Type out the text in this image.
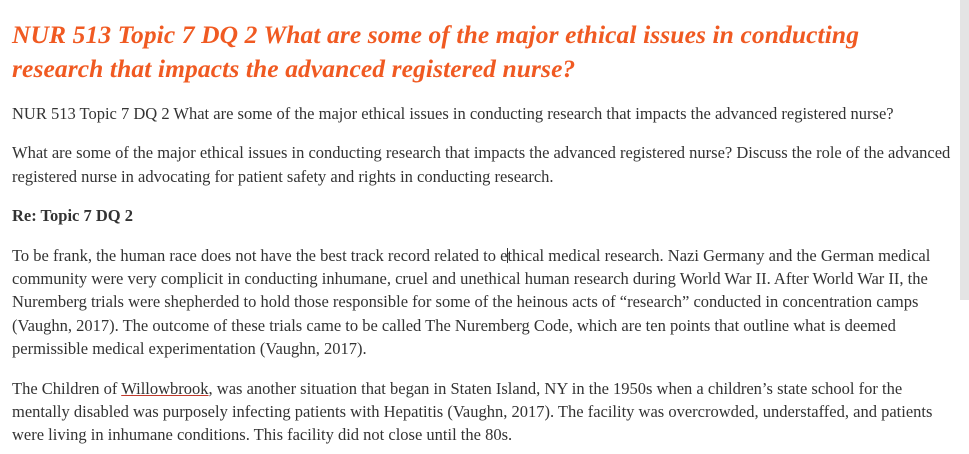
NUR 513 Topic 7 DQ 2 What are some of the major ethical issues in conducting research that impacts the advanced registered nurse?

NUR 513 Topic 7 DQ 2 What are some of the major ethical issues in conducting research that impacts the advanced registered nurse?

What are some of the major ethical issues in conducting research that impacts the advanced registered nurse? Discuss the role of the advanced registered nurse in advocating for patient safety and rights in conducting research.

Re: Topic 7 DQ 2

To be frank, the human race does not have the best track record related to ethical medical research. Nazi Germany and the German medical community were very complicit in conducting inhumane, cruel and unethical human research during World War II. After World War II, the Nuremberg trials were shepherded to hold those responsible for some of the heinous acts of “research” conducted in concentration camps (Vaughn, 2017). The outcome of these trials came to be called The Nuremberg Code, which are ten points that outline what is deemed permissible medical experimentation (Vaughn, 2017).

The Children of Willowbrook, was another situation that began in Staten Island, NY in the 1950s when a children’s state school for the mentally disabled was purposely infecting patients with Hepatitis (Vaughn, 2017). The facility was overcrowded, understaffed, and patients were living in inhumane conditions. This facility did not close until the 80s.
